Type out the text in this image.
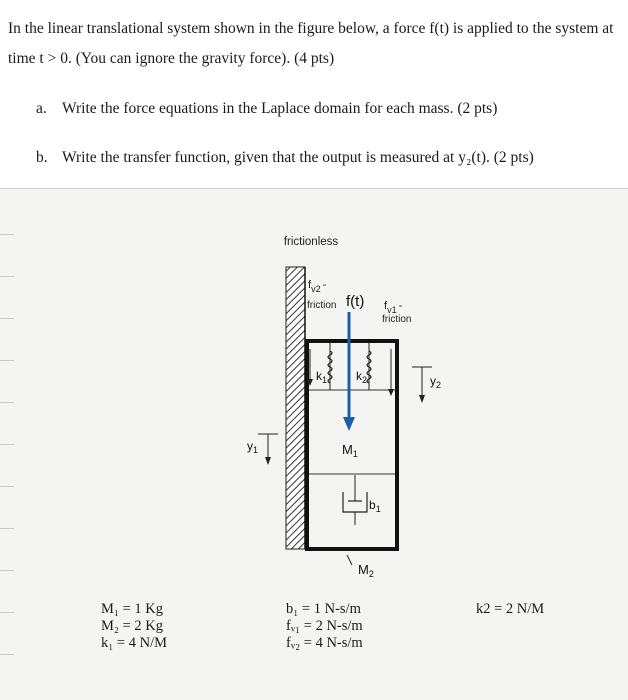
In the linear translational system shown in the figure below, a force f(t) is applied to the system at time t > 0. (You can ignore the gravity force). (4 pts)
a. Write the force equations in the Laplace domain for each mass. (2 pts)
b. Write the transfer function, given that the output is measured at y₂(t). (2 pts)
frictionless
$f_{v2}$ -
friction f(t) $f_{v1}$ -
friction
$k_1$ $k_2$	$y_2$
$y_1$	$M_1$
$b_1$
$M_2$
M₁ = 1 Kg
M₂ = 2 Kg
k₁ = 4 N/M
b₁ = 1 N-s/m
fᵥ₁ = 2 N-s/m
fᵥ₂ = 4 N-s/m
k2 = 2 N/M
